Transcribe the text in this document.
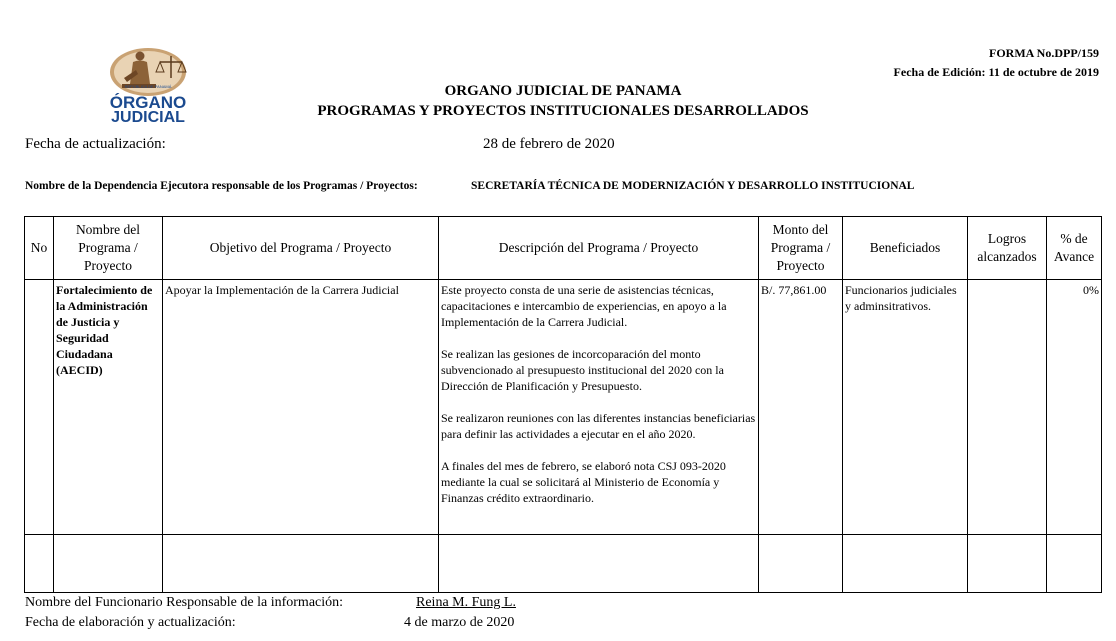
FORMA No.DPP/159
Fecha de Edición: 11 de octubre de 2019
REPÚBLICA DE PANAMÁ
ÓRGANO
JUDICIAL
ORGANO JUDICIAL DE PANAMA
PROGRAMAS Y PROYECTOS INSTITUCIONALES DESARROLLADOS
Fecha de actualización:	28 de febrero de 2020
Nombre de la Dependencia Ejecutora responsable de los Programas / Proyectos:	SECRETARÍA TÉCNICA DE MODERNIZACIÓN Y DESARROLLO INSTITUCIONAL
No	Nombre del Programa / Proyecto	Objetivo del Programa / Proyecto	Descripción del Programa / Proyecto	Monto del Programa / Proyecto	Beneficiados	Logros alcanzados	% de Avance
	Fortalecimiento de la Administración de Justicia y Seguridad Ciudadana (AECID)	Apoyar la Implementación de la Carrera Judicial	Este proyecto consta de una serie de asistencias técnicas, capacitaciones e intercambio de experiencias, en apoyo a la Implementación de la Carrera Judicial.

Se realizan las gesiones de incorcoparación del monto subvencionado al presupuesto institucional del 2020 con la Dirección de Planificación y Presupuesto.

Se realizaron reuniones con las diferentes instancias beneficiarias para definir las actividades a ejecutar en el año 2020.

A finales del mes de febrero, se elaboró nota CSJ 093-2020 mediante la cual se solicitará al Ministerio de Economía y Finanzas crédito extraordinario.	B/. 77,861.00	Funcionarios judiciales y adminsitrativos.		0%

Nombre del Funcionario Responsable de la información:	Reina M. Fung L.
Fecha de elaboración y actualización:	4 de marzo de 2020
